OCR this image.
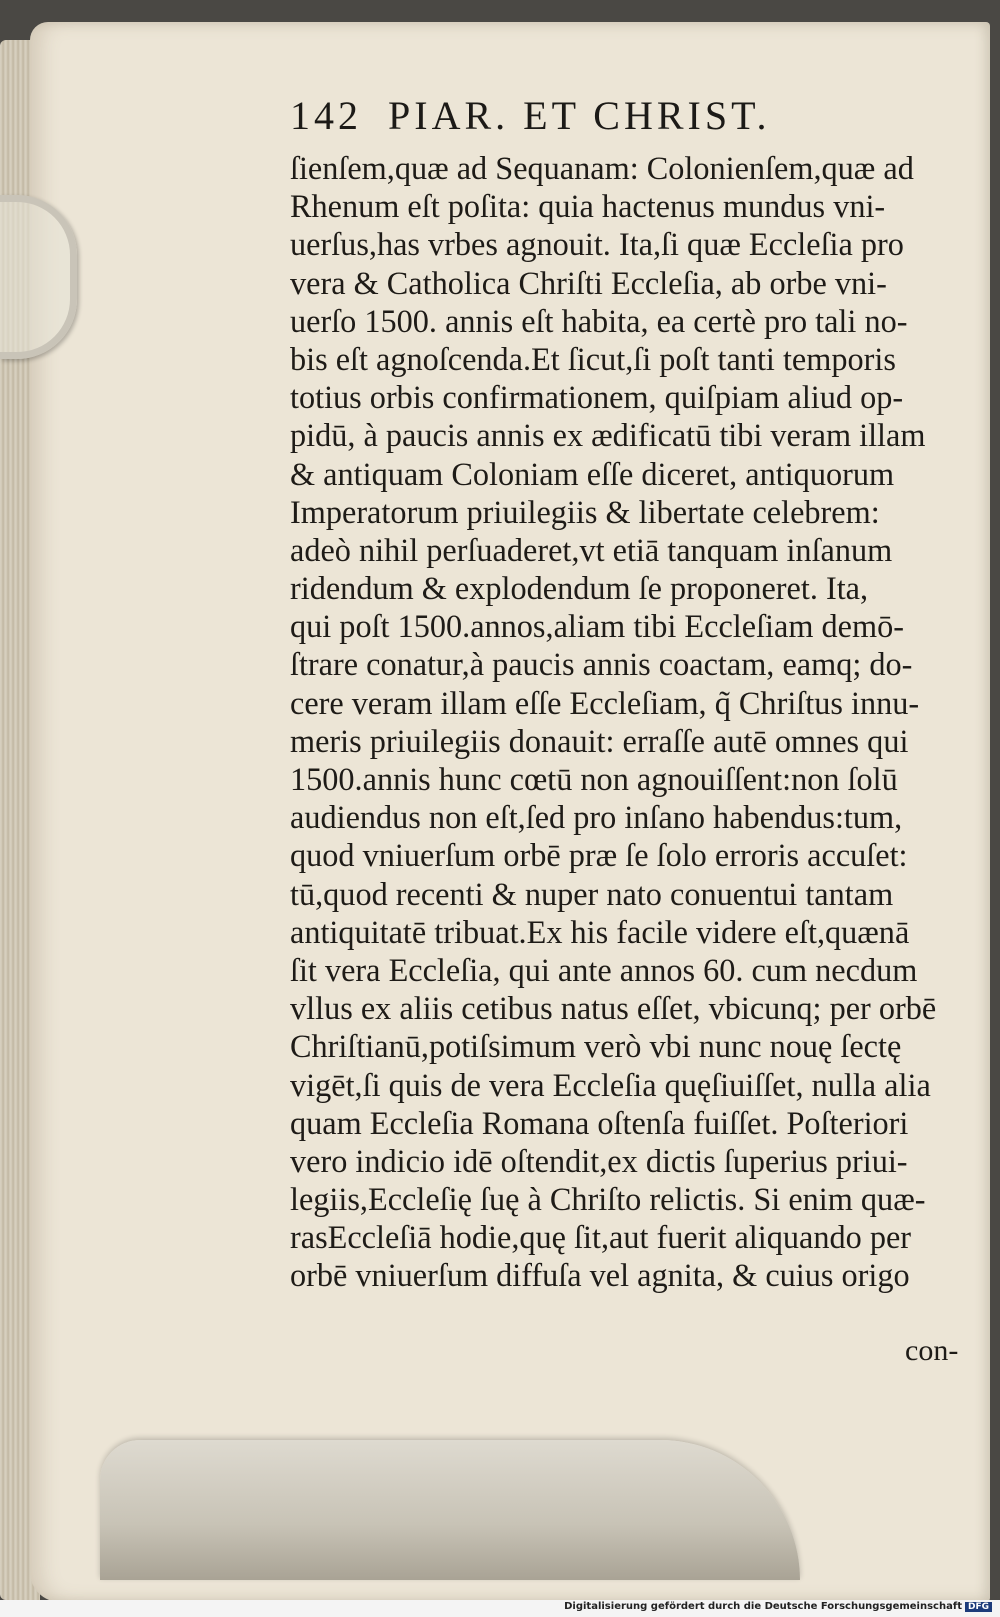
142 PIAR. ET CHRIST.
ſienſem,quæ ad Sequanam: Colonienſem,quæ ad
Rhenum eſt poſita: quia hactenus mundus vni-
uerſus,has vrbes agnouit. Ita,ſi quæ Eccleſia pro
vera & Catholica Chriſti Eccleſia, ab orbe vni-
uerſo 1500. annis eſt habita, ea certè pro tali no-
bis eſt agnoſcenda.Et ſicut,ſi poſt tanti temporis
totius orbis confirmationem, quiſpiam aliud op-
pidū, à paucis annis ex ædificatū tibi veram illam
& antiquam Coloniam eſſe diceret, antiquorum
Imperatorum priuilegiis & libertate celebrem:
adeò nihil perſuaderet,vt etiā tanquam inſanum
ridendum & explodendum ſe proponeret. Ita,
qui poſt 1500.annos,aliam tibi Eccleſiam demō-
ſtrare conatur,à paucis annis coactam, eamq; do-
cere veram illam eſſe Eccleſiam, q̃ Chriſtus innu-
meris priuilegiis donauit: erraſſe autē omnes qui
1500.annis hunc cœtū non agnouiſſent:non ſolū
audiendus non eſt,ſed pro inſano habendus:tum,
quod vniuerſum orbē præ ſe ſolo erroris accuſet:
tū,quod recenti & nuper nato conuentui tantam
antiquitatē tribuat.Ex his facile videre eſt,quænā
ſit vera Eccleſia, qui ante annos 60. cum necdum
vllus ex aliis cetibus natus eſſet, vbicunq; per orbē
Chriſtianū,potiſsimum verò vbi nunc nouę ſectę
vigēt,ſi quis de vera Eccleſia quęſiuiſſet, nulla alia
quam Eccleſia Romana oſtenſa fuiſſet. Poſteriori
vero indicio idē oſtendit,ex dictis ſuperius priui-
legiis,Eccleſię ſuę à Chriſto relictis. Si enim quæ-
rasEccleſiā hodie,quę ſit,aut fuerit aliquando per
orbē vniuerſum diffuſa vel agnita, & cuius origo
con-
Digitalisierung gefördert durch die Deutsche Forschungsgemeinschaft DFG
